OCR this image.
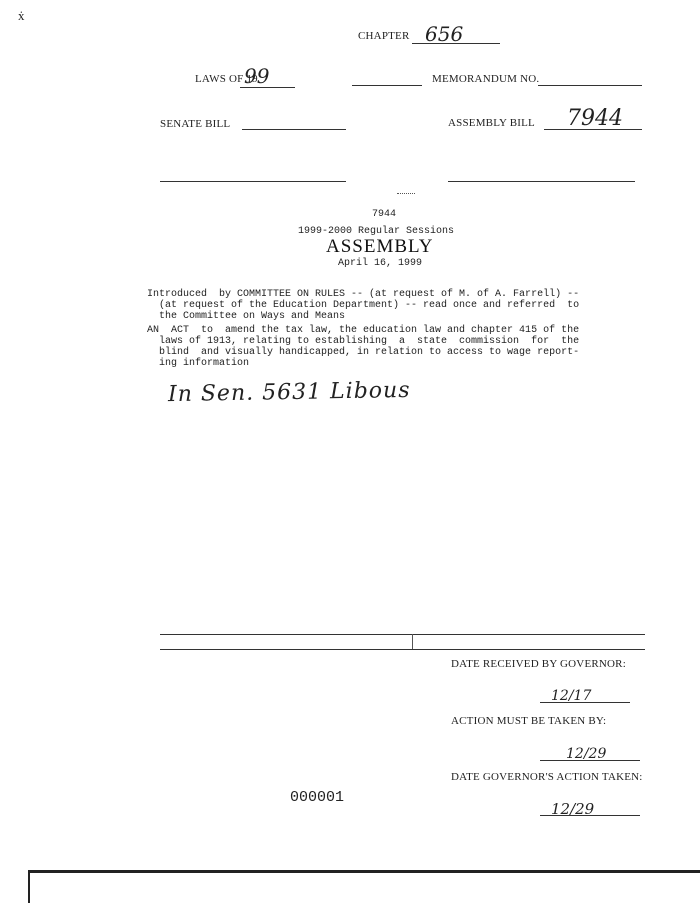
ẋ
CHAPTER 656
LAWS OF 19
99	MEMORANDUM NO.
SENATE BILL	ASSEMBLY BILL 7944
7944
1999-2000 Regular Sessions
ASSEMBLY
April 16, 1999
Introduced  by COMMITTEE ON RULES -- (at request of M. of A. Farrell) --
(at request of the Education Department) -- read once and referred  to
the Committee on Ways and Means
AN  ACT  to  amend the tax law, the education law and chapter 415 of the
laws of 1913, relating to establishing  a  state  commission  for  the
blind  and visually handicapped, in relation to access to wage report-
ing information
In Sen. 5631 Libous
DATE RECEIVED BY GOVERNOR:
12/17
ACTION MUST BE TAKEN BY:
12/29
DATE GOVERNOR'S ACTION TAKEN:
12/29
000001
